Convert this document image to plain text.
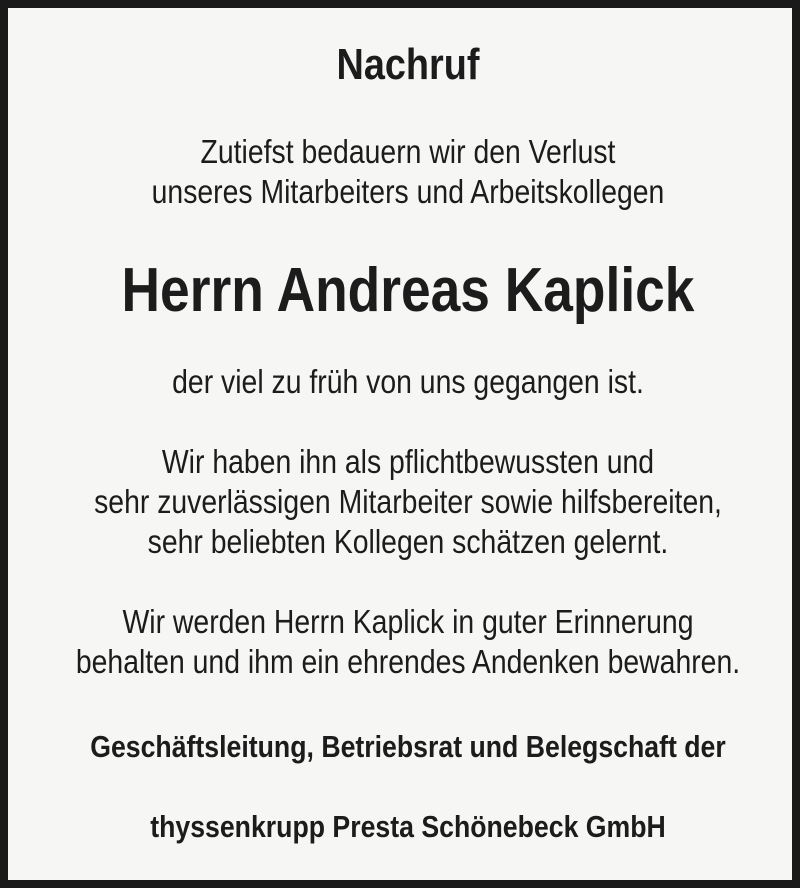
Nachruf
Zutiefst bedauern wir den Verlust
unseres Mitarbeiters und Arbeitskollegen
Herrn Andreas Kaplick
der viel zu früh von uns gegangen ist.
Wir haben ihn als pflichtbewussten und
sehr zuverlässigen Mitarbeiter sowie hilfsbereiten,
sehr beliebten Kollegen schätzen gelernt.
Wir werden Herrn Kaplick in guter Erinnerung
behalten und ihm ein ehrendes Andenken bewahren.
Geschäftsleitung, Betriebsrat und Belegschaft der
thyssenkrupp Presta Schönebeck GmbH
